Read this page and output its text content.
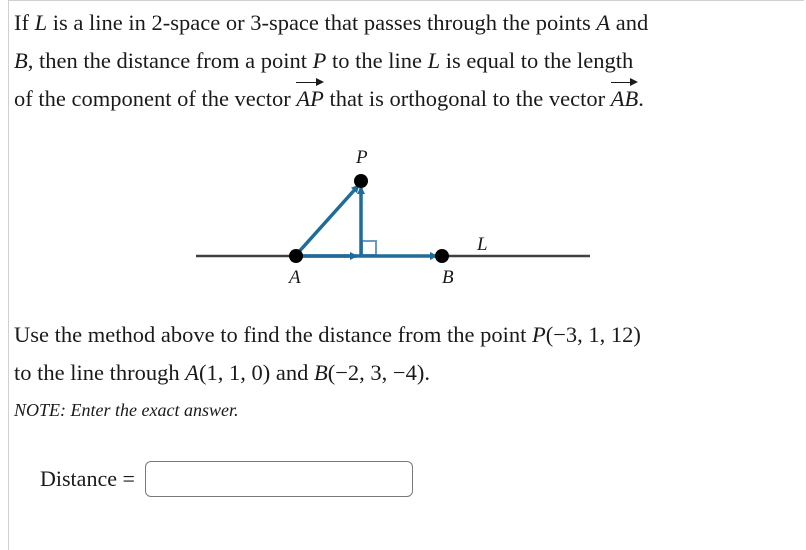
If L is a line in 2-space or 3-space that passes through the points A and
B, then the distance from a point P to the line L is equal to the length
of the component of the vector AP that is orthogonal to the vector AB.

P
A	B
L

Use the method above to find the distance from the point P(−3, 1, 12)
to the line through A(1, 1, 0) and B(−2, 3, −4).

NOTE: Enter the exact answer.

Distance =
